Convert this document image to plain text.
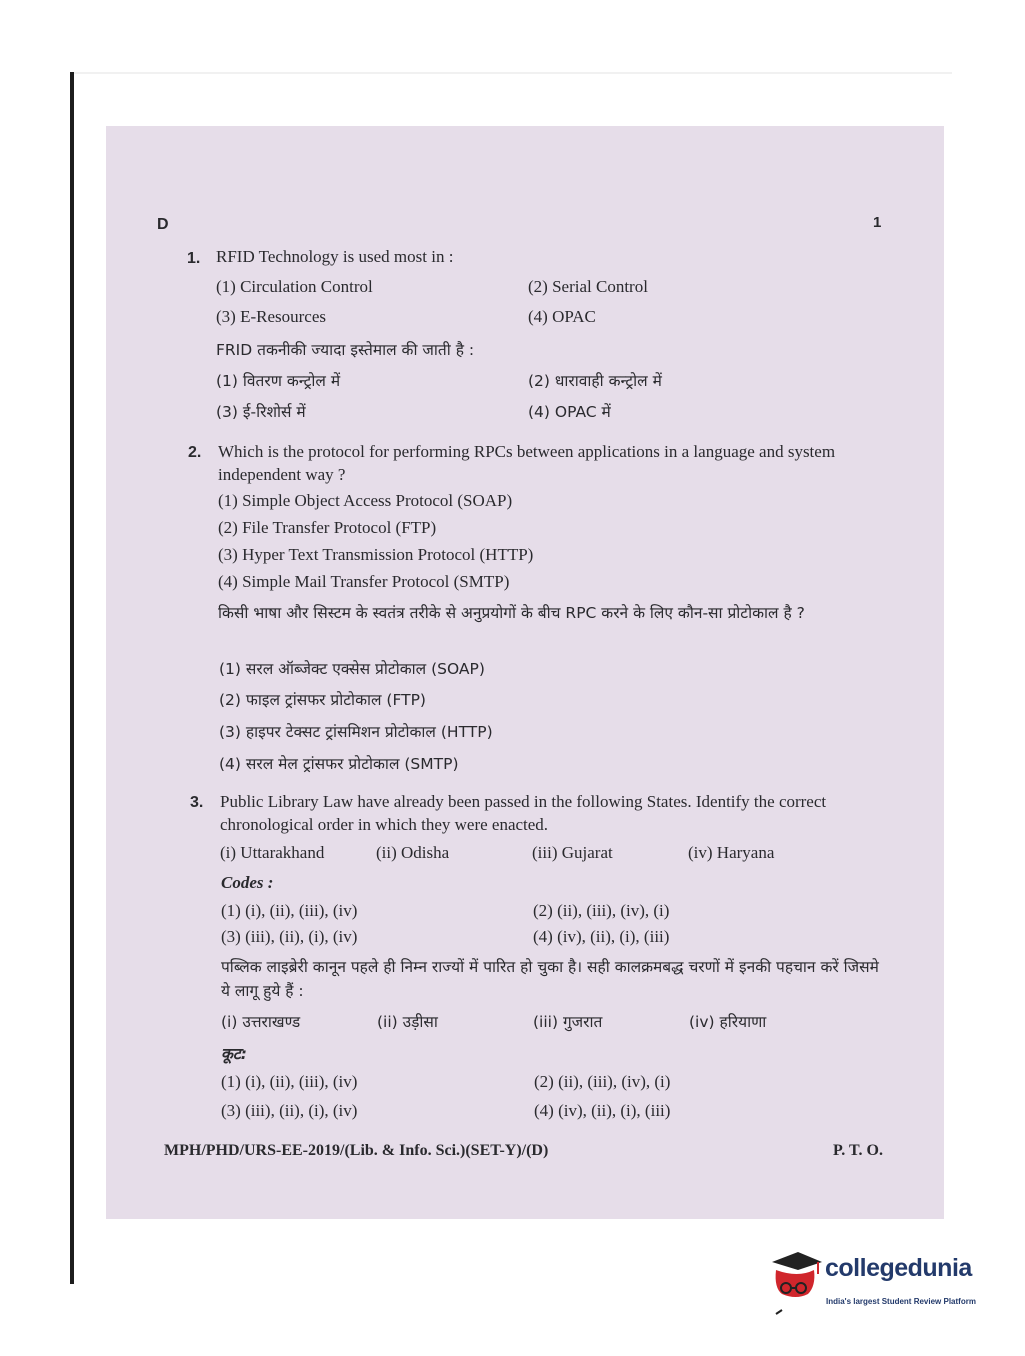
D	1
1. RFID Technology is used most in :
(1) Circulation Control	(2) Serial Control
(3) E-Resources	(4) OPAC
FRID तकनीकी ज्यादा इस्तेमाल की जाती है :
(1) वितरण कन्ट्रोल में	(2) धारावाही कन्ट्रोल में
(3) ई-रिशोर्स में	(4) OPAC में
2. Which is the protocol for performing RPCs between applications in a language and system independent way ?
(1) Simple Object Access Protocol (SOAP)
(2) File Transfer Protocol (FTP)
(3) Hyper Text Transmission Protocol (HTTP)
(4) Simple Mail Transfer Protocol (SMTP)
किसी भाषा और सिस्टम के स्वतंत्र तरीके से अनुप्रयोगों के बीच RPC करने के लिए कौन-सा प्रोटोकाल है ?
(1) सरल ऑब्जेक्ट एक्सेस प्रोटोकाल (SOAP)
(2) फाइल ट्रांसफर प्रोटोकाल (FTP)
(3) हाइपर टेक्सट ट्रांसमिशन प्रोटोकाल (HTTP)
(4) सरल मेल ट्रांसफर प्रोटोकाल (SMTP)
3. Public Library Law have already been passed in the following States. Identify the correct chronological order in which they were enacted.
(i) Uttarakhand	(ii) Odisha	(iii) Gujarat	(iv) Haryana
Codes :
(1) (i), (ii), (iii), (iv)	(2) (ii), (iii), (iv), (i)
(3) (iii), (ii), (i), (iv)	(4) (iv), (ii), (i), (iii)
पब्लिक लाइब्रेरी कानून पहले ही निम्न राज्यों में पारित हो चुका है। सही कालक्रमबद्ध चरणों में इनकी पहचान करें जिसमे ये लागू हुये हैं :
(i) उत्तराखण्ड	(ii) उड़ीसा	(iii) गुजरात	(iv) हरियाणा
कूट:
(1) (i), (ii), (iii), (iv)	(2) (ii), (iii), (iv), (i)
(3) (iii), (ii), (i), (iv)	(4) (iv), (ii), (i), (iii)
MPH/PHD/URS-EE-2019/(Lib. & Info. Sci.)(SET-Y)/(D)	P. T. O.
collegedunia
India's largest Student Review Platform
